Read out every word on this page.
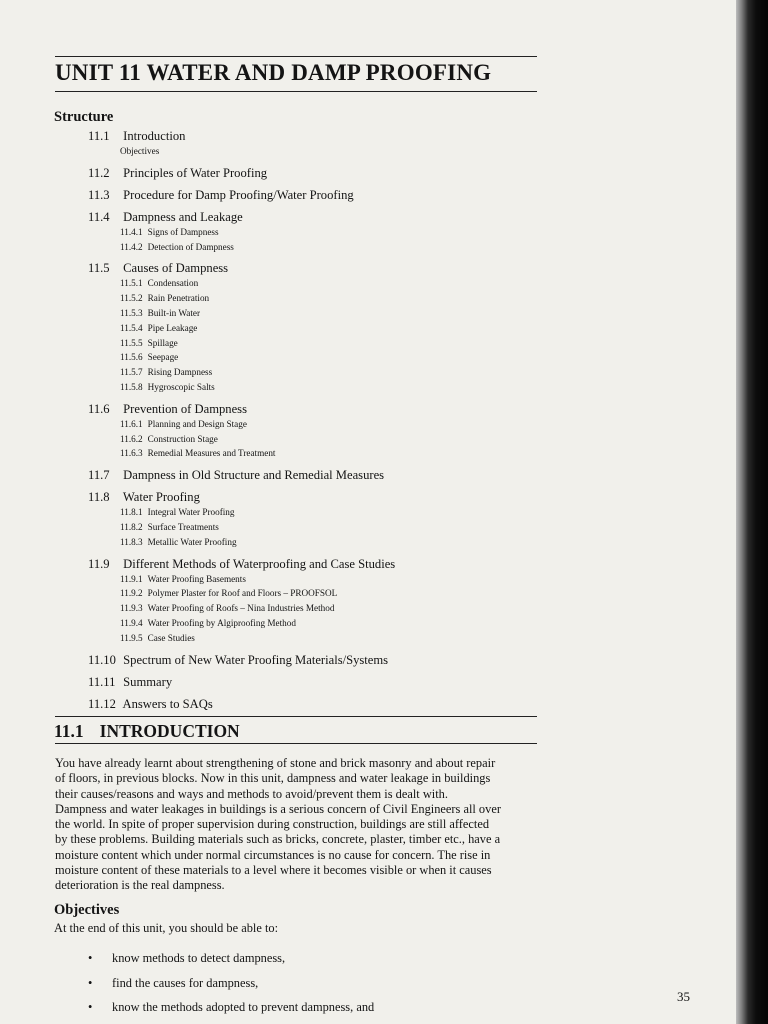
UNIT 11 WATER AND DAMP PROOFING
Structure
11.1 Introduction
Objectives
11.2 Principles of Water Proofing
11.3 Procedure for Damp Proofing/Water Proofing
11.4 Dampness and Leakage
11.4.1 Signs of Dampness
11.4.2 Detection of Dampness
11.5 Causes of Dampness
11.5.1 Condensation
11.5.2 Rain Penetration
11.5.3 Built-in Water
11.5.4 Pipe Leakage
11.5.5 Spillage
11.5.6 Seepage
11.5.7 Rising Dampness
11.5.8 Hygroscopic Salts
11.6 Prevention of Dampness
11.6.1 Planning and Design Stage
11.6.2 Construction Stage
11.6.3 Remedial Measures and Treatment
11.7 Dampness in Old Structure and Remedial Measures
11.8 Water Proofing
11.8.1 Integral Water Proofing
11.8.2 Surface Treatments
11.8.3 Metallic Water Proofing
11.9 Different Methods of Waterproofing and Case Studies
11.9.1 Water Proofing Basements
11.9.2 Polymer Plaster for Roof and Floors – PROOFSOL
11.9.3 Water Proofing of Roofs – Nina Industries Method
11.9.4 Water Proofing by Algiproofing Method
11.9.5 Case Studies
11.10 Spectrum of New Water Proofing Materials/Systems
11.11 Summary
11.12 Answers to SAQs
11.1 INTRODUCTION
You have already learnt about strengthening of stone and brick masonry and about repair
of floors, in previous blocks. Now in this unit, dampness and water leakage in buildings
their causes/reasons and ways and methods to avoid/prevent them is dealt with.
Dampness and water leakages in buildings is a serious concern of Civil Engineers all over
the world. In spite of proper supervision during construction, buildings are still affected
by these problems. Building materials such as bricks, concrete, plaster, timber etc., have a
moisture content which under normal circumstances is no cause for concern. The rise in
moisture content of these materials to a level where it becomes visible or when it causes
deterioration is the real dampness.
Objectives
At the end of this unit, you should be able to:
• know methods to detect dampness,
• find the causes for dampness,
• know the methods adopted to prevent dampness, and
35
